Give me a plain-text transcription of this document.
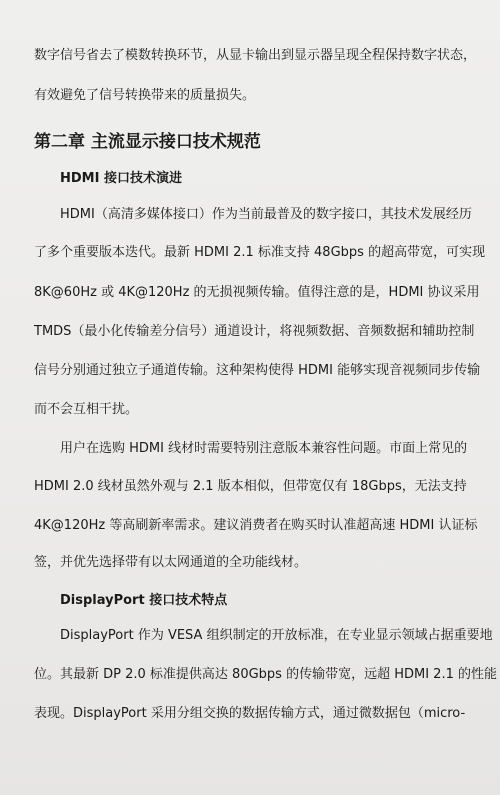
数字信号省去了模数转换环节，从显卡输出到显示器呈现全程保持数字状态，
有效避免了信号转换带来的质量损失。
第二章 主流显示接口技术规范
HDMI 接口技术演进
HDMI（高清多媒体接口）作为当前最普及的数字接口，其技术发展经历
了多个重要版本迭代。最新 HDMI 2.1 标准支持 48Gbps 的超高带宽，可实现
8K@60Hz 或 4K@120Hz 的无损视频传输。值得注意的是，HDMI 协议采用
TMDS（最小化传输差分信号）通道设计，将视频数据、音频数据和辅助控制
信号分别通过独立子通道传输。这种架构使得 HDMI 能够实现音视频同步传输
而不会互相干扰。
用户在选购 HDMI 线材时需要特别注意版本兼容性问题。市面上常见的
HDMI 2.0 线材虽然外观与 2.1 版本相似，但带宽仅有 18Gbps，无法支持
4K@120Hz 等高刷新率需求。建议消费者在购买时认准超高速 HDMI 认证标
签，并优先选择带有以太网通道的全功能线材。
DisplayPort 接口技术特点
DisplayPort 作为 VESA 组织制定的开放标准，在专业显示领域占据重要地
位。其最新 DP 2.0 标准提供高达 80Gbps 的传输带宽，远超 HDMI 2.1 的性能
表现。DisplayPort 采用分组交换的数据传输方式，通过微数据包（micro-
